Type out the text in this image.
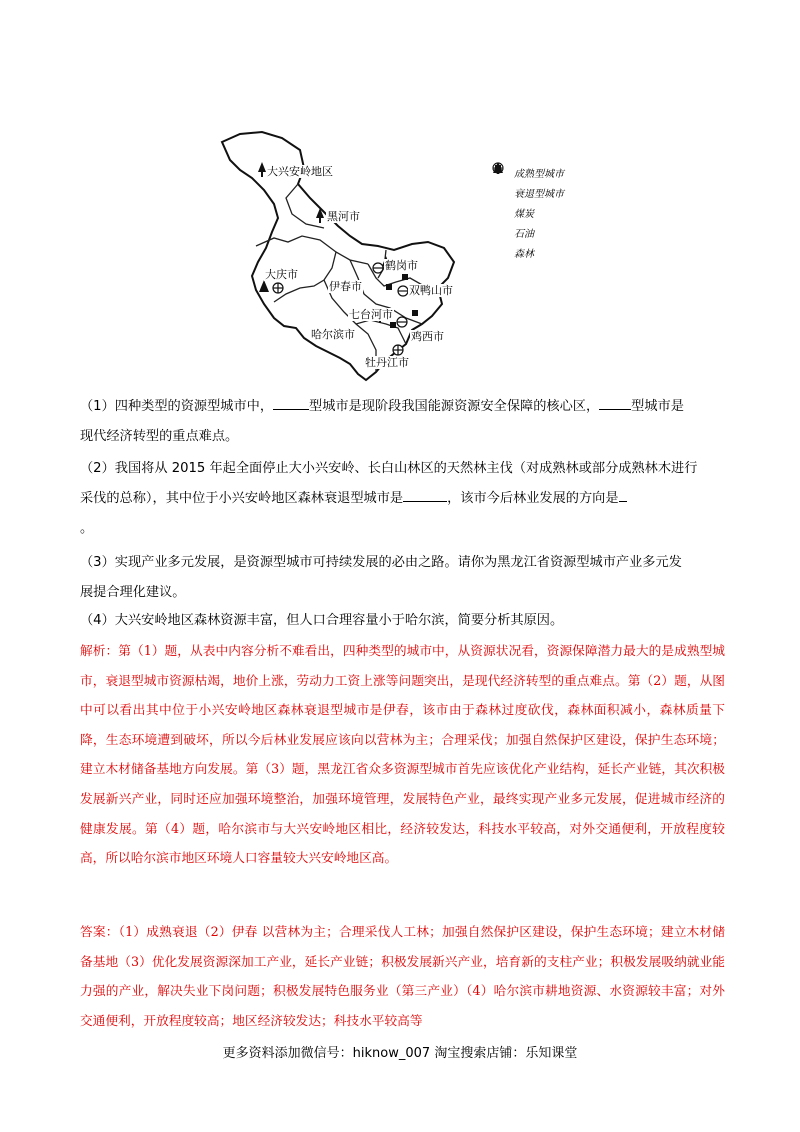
大兴安岭地区
黑河市
大庆市
伊春市
鹤岗市
双鸭山市
七台河市
哈尔滨市	鸡西市
牡丹江市
成熟型城市
衰退型城市
煤炭
石油
森林
（1）四种类型的资源型城市中，	型城市是现阶段我国能源资源安全保障的核心区， 型城市是
现代经济转型的重点难点。
（2）我国将从 2015 年起全面停止大小兴安岭、长白山林区的天然林主伐（对成熟林或部分成熟林木进行
采伐的总称），其中位于小兴安岭地区森林衰退型城市是	，该市今后林业发展的方向是
。
（3）实现产业多元发展，是资源型城市可持续发展的必由之路。请你为黑龙江省资源型城市产业多元发
展提合理化建议。
（4）大兴安岭地区森林资源丰富，但人口合理容量小于哈尔滨，简要分析其原因。
解析：第（1）题，从表中内容分析不难看出，四种类型的城市中，从资源状况看，资源保障潜力最大的是成熟型城市，衰退型城市资源枯竭，地价上涨，劳动力工资上涨等问题突出，是现代经济转型的重点难点。第（2）题，从图中可以看出其中位于小兴安岭地区森林衰退型城市是伊春，该市由于森林过度砍伐，森林面积减小，森林质量下降，生态环境遭到破坏，所以今后林业发展应该向以营林为主；合理采伐；加强自然保护区建设，保护生态环境；建立木材储备基地方向发展。第（3）题，黑龙江省众多资源型城市首先应该优化产业结构，延长产业链，其次积极发展新兴产业，同时还应加强环境整治，加强环境管理，发展特色产业，最终实现产业多元发展，促进城市经济的健康发展。第（4）题，哈尔滨市与大兴安岭地区相比，经济较发达，科技水平较高，对外交通便利，开放程度较高，所以哈尔滨市地区环境人口容量较大兴安岭地区高。
答案：（1）成熟衰退（2）伊春 以营林为主；合理采伐人工林；加强自然保护区建设，保护生态环境；建立木材储备基地（3）优化发展资源深加工产业，延长产业链；积极发展新兴产业，培育新的支柱产业；积极发展吸纳就业能力强的产业，解决失业下岗问题；积极发展特色服务业（第三产业）（4）哈尔滨市耕地资源、水资源较丰富；对外交通便利，开放程度较高；地区经济较发达；科技水平较高等
更多资料添加微信号：hiknow_007 淘宝搜索店铺：乐知课堂
